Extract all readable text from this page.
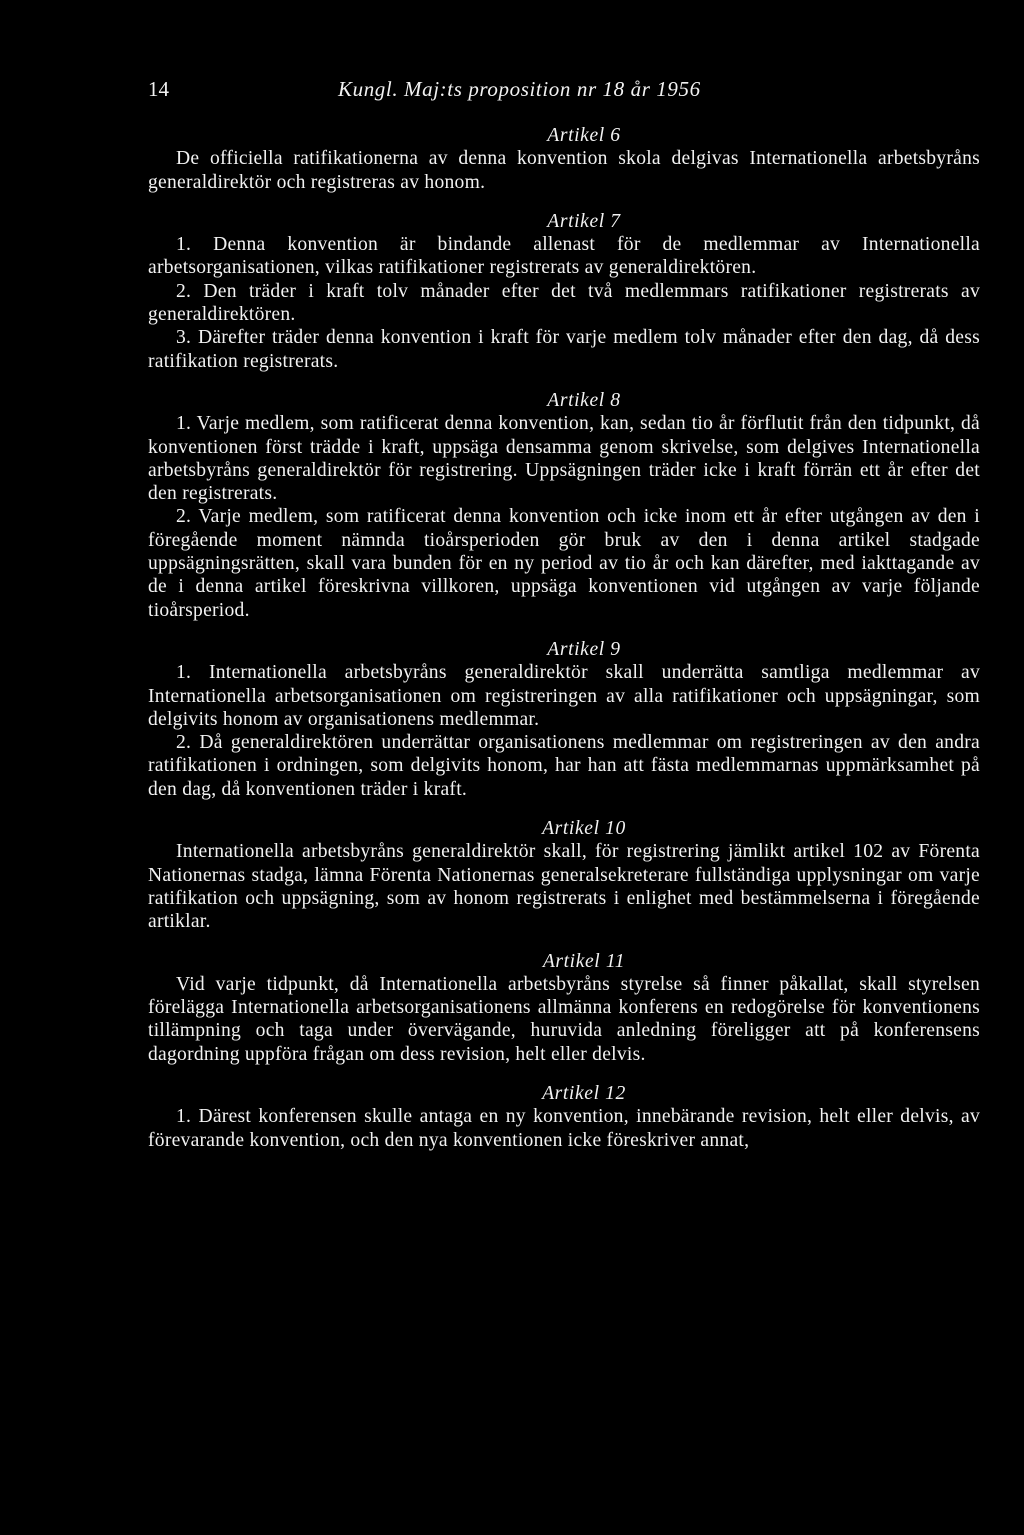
14	Kungl. Maj:ts proposition nr 18 år 1956

Artikel 6

De officiella ratifikationerna av denna konvention skola delgivas Internationella arbetsbyråns generaldirektör och registreras av honom.

Artikel 7

1. Denna konvention är bindande allenast för de medlemmar av Internationella arbetsorganisationen, vilkas ratifikationer registrerats av generaldirektören.

2. Den träder i kraft tolv månader efter det två medlemmars ratifikationer registrerats av generaldirektören.

3. Därefter träder denna konvention i kraft för varje medlem tolv månader efter den dag, då dess ratifikation registrerats.

Artikel 8

1. Varje medlem, som ratificerat denna konvention, kan, sedan tio år förflutit från den tidpunkt, då konventionen först trädde i kraft, uppsäga densamma genom skrivelse, som delgives Internationella arbetsbyråns generaldirektör för registrering. Uppsägningen träder icke i kraft förrän ett år efter det den registrerats.

2. Varje medlem, som ratificerat denna konvention och icke inom ett år efter utgången av den i föregående moment nämnda tioårsperioden gör bruk av den i denna artikel stadgade uppsägningsrätten, skall vara bunden för en ny period av tio år och kan därefter, med iakttagande av de i denna artikel föreskrivna villkoren, uppsäga konventionen vid utgången av varje följande tioårsperiod.

Artikel 9

1. Internationella arbetsbyråns generaldirektör skall underrätta samtliga medlemmar av Internationella arbetsorganisationen om registreringen av alla ratifikationer och uppsägningar, som delgivits honom av organisationens medlemmar.

2. Då generaldirektören underrättar organisationens medlemmar om registreringen av den andra ratifikationen i ordningen, som delgivits honom, har han att fästa medlemmarnas uppmärksamhet på den dag, då konventionen träder i kraft.

Artikel 10

Internationella arbetsbyråns generaldirektör skall, för registrering jämlikt artikel 102 av Förenta Nationernas stadga, lämna Förenta Nationernas generalsekreterare fullständiga upplysningar om varje ratifikation och uppsägning, som av honom registrerats i enlighet med bestämmelserna i föregående artiklar.

Artikel 11

Vid varje tidpunkt, då Internationella arbetsbyråns styrelse så finner påkallat, skall styrelsen förelägga Internationella arbetsorganisationens allmänna konferens en redogörelse för konventionens tillämpning och taga under övervägande, huruvida anledning föreligger att på konferensens dagordning uppföra frågan om dess revision, helt eller delvis.

Artikel 12

1. Därest konferensen skulle antaga en ny konvention, innebärande revision, helt eller delvis, av förevarande konvention, och den nya konventionen icke föreskriver annat,
